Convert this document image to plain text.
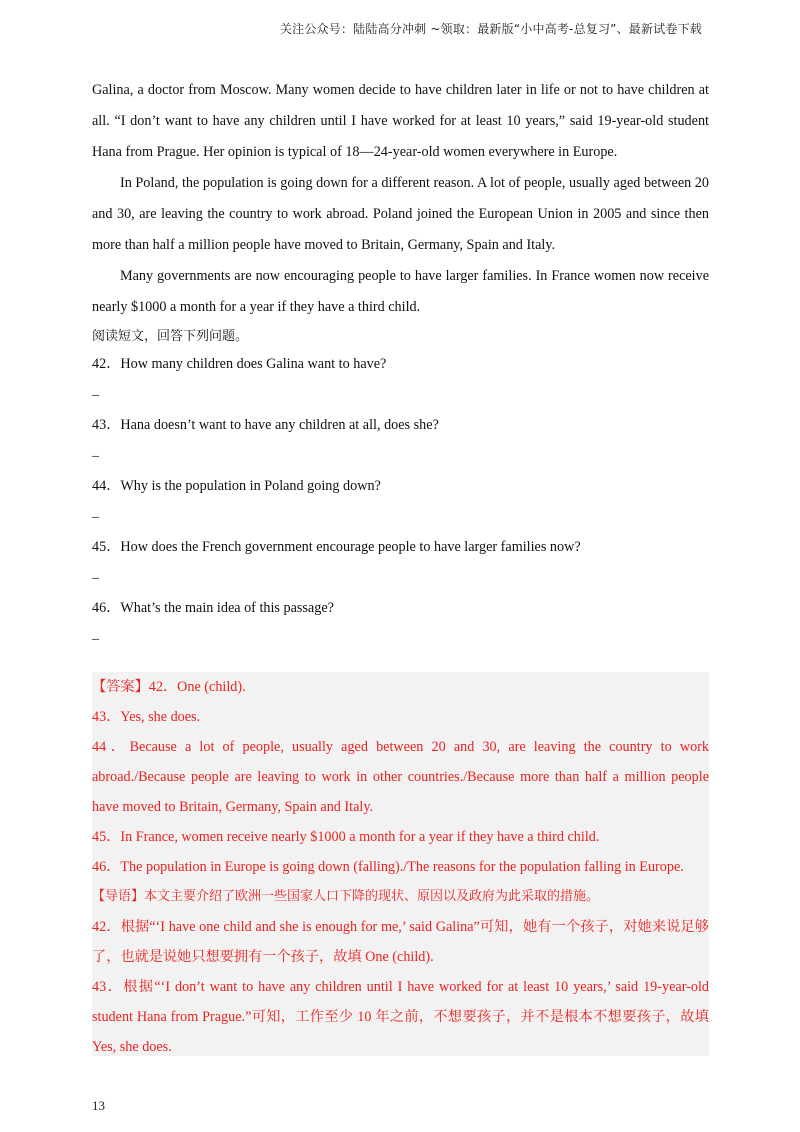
关注公众号：陆陆高分冲刺 ~领取：最新版“小中高考-总复习”、最新试卷下载

Galina, a doctor from Moscow. Many women decide to have children later in life or not to have children at all. “I don’t want to have any children until I have worked for at least 10 years,” said 19-year-old student Hana from Prague. Her opinion is typical of 18—24-year-old women everywhere in Europe.

In Poland, the population is going down for a different reason. A lot of people, usually aged between 20 and 30, are leaving the country to work abroad. Poland joined the European Union in 2005 and since then more than half a million people have moved to Britain, Germany, Spain and Italy.

Many governments are now encouraging people to have larger families. In France women now receive nearly $1000 a month for a year if they have a third child.

阅读短文，回答下列问题。

42．How many children does Galina want to have?

_

43．Hana doesn’t want to have any children at all, does she?

_

44．Why is the population in Poland going down?

_

45．How does the French government encourage people to have larger families now?

_

46．What’s the main idea of this passage?

_

【答案】42．One (child).

43．Yes, she does.

44．Because a lot of people, usually aged between 20 and 30, are leaving the country to work abroad./Because people are leaving to work in other countries./Because more than half a million people have moved to Britain, Germany, Spain and Italy.

45．In France, women receive nearly $1000 a month for a year if they have a third child.

46．The population in Europe is going down (falling)./The reasons for the population falling in Europe.

【导语】本文主要介绍了欧洲一些国家人口下降的现状、原因以及政府为此采取的措施。

42．根据“‘I have one child and she is enough for me,’ said Galina”可知，她有一个孩子，对她来说足够了，也就是说她只想要拥有一个孩子，故填 One (child).

43．根据“‘I don’t want to have any children until I have worked for at least 10 years,’ said 19-year-old student Hana from Prague.”可知，工作至少 10 年之前，不想要孩子，并不是根本不想要孩子，故填 Yes, she does.

13
